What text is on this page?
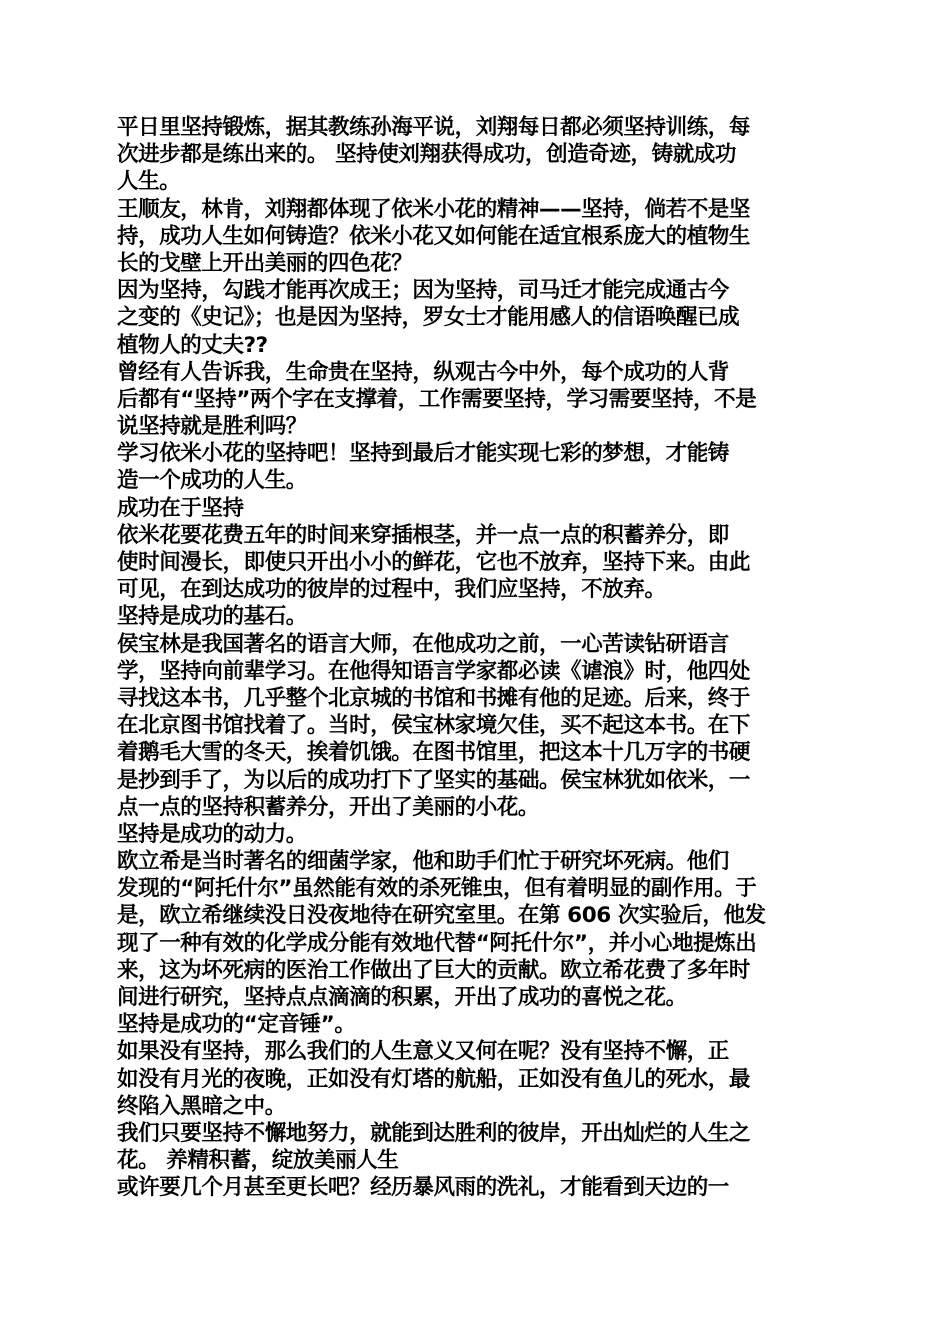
平日里坚持锻炼，据其教练孙海平说，刘翔每日都必须坚持训练，每
次进步都是练出来的。 坚持使刘翔获得成功，创造奇迹，铸就成功
人生。
王顺友，林肯，刘翔都体现了依米小花的精神——坚持，倘若不是坚
持，成功人生如何铸造？依米小花又如何能在适宜根系庞大的植物生
长的戈壁上开出美丽的四色花？
因为坚持，勾践才能再次成王；因为坚持，司马迁才能完成通古今
之变的《史记》；也是因为坚持，罗女士才能用感人的信语唤醒已成
植物人的丈夫??
曾经有人告诉我，生命贵在坚持，纵观古今中外，每个成功的人背
后都有“坚持”两个字在支撑着，工作需要坚持，学习需要坚持，不是
说坚持就是胜利吗？
学习依米小花的坚持吧！坚持到最后才能实现七彩的梦想，才能铸
造一个成功的人生。
成功在于坚持
依米花要花费五年的时间来穿插根茎，并一点一点的积蓄养分，即
使时间漫长，即使只开出小小的鲜花，它也不放弃，坚持下来。由此
可见，在到达成功的彼岸的过程中，我们应坚持，不放弃。
坚持是成功的基石。
侯宝林是我国著名的语言大师，在他成功之前，一心苦读钻研语言
学，坚持向前辈学习。在他得知语言学家都必读《谑浪》时，他四处
寻找这本书，几乎整个北京城的书馆和书摊有他的足迹。后来，终于
在北京图书馆找着了。当时，侯宝林家境欠佳，买不起这本书。在下
着鹅毛大雪的冬天，挨着饥饿。在图书馆里，把这本十几万字的书硬
是抄到手了，为以后的成功打下了坚实的基础。侯宝林犹如依米，一
点一点的坚持积蓄养分，开出了美丽的小花。
坚持是成功的动力。
欧立希是当时著名的细菌学家，他和助手们忙于研究坏死病。他们
发现的“阿托什尔”虽然能有效的杀死锥虫，但有着明显的副作用。于
是，欧立希继续没日没夜地待在研究室里。在第 606 次实验后，他发
现了一种有效的化学成分能有效地代替“阿托什尔”，并小心地提炼出
来，这为坏死病的医治工作做出了巨大的贡献。欧立希花费了多年时
间进行研究，坚持点点滴滴的积累，开出了成功的喜悦之花。
坚持是成功的“定音锤”。
如果没有坚持，那么我们的人生意义又何在呢？没有坚持不懈，正
如没有月光的夜晚，正如没有灯塔的航船，正如没有鱼儿的死水，最
终陷入黑暗之中。
我们只要坚持不懈地努力，就能到达胜利的彼岸，开出灿烂的人生之
花。 养精积蓄，绽放美丽人生
或许要几个月甚至更长吧？经历暴风雨的洗礼，才能看到天边的一
